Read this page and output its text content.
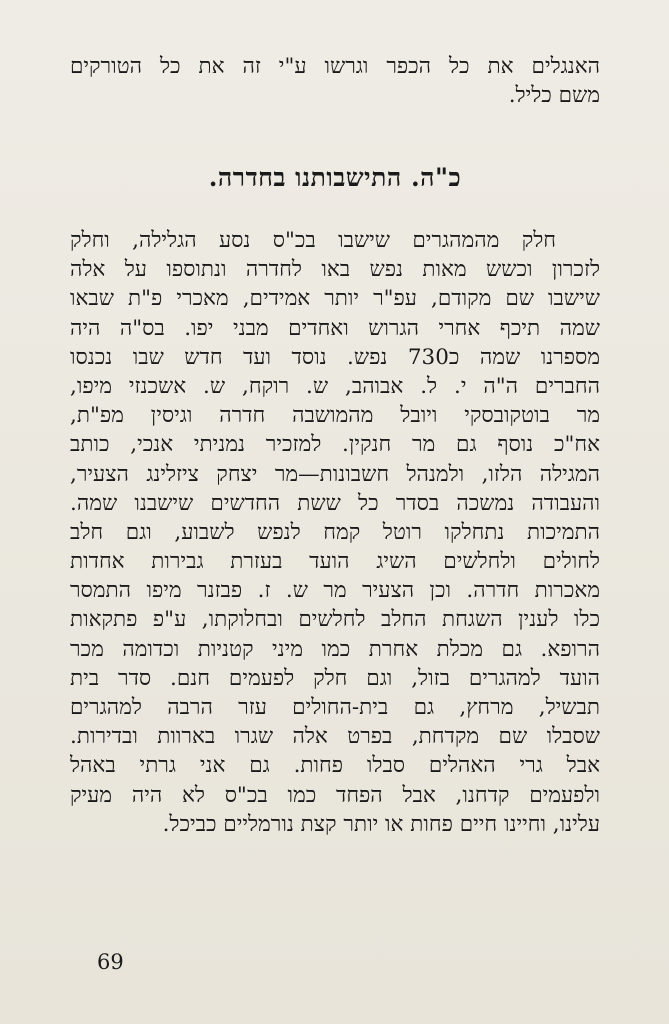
האנגלים את כל הכפר וגרשו ע"י זה את כל הטורקים
משם כליל.
כ"ה. התישבותנו בחדרה.
חלק מהמהגרים שישבו בכ"ס נסע הגלילה, וחלק
לזכרון וכשש מאות נפש באו לחדרה ונתוספו על אלה
שישבו שם מקודם, עפ"ר יותר אמידים, מאכרי פ"ת שבאו
שמה תיכף אחרי הגרוש ואחדים מבני יפו. בס"ה היה
מספרנו שמה כ730 נפש. נוסד ועד חדש שבו נכנסו
החברים ה"ה י. ל. אבוהב, ש. רוקח, ש. אשכנזי מיפו,
מר בוטקובסקי ויובל מהמושבה חדרה וגיסין מפ"ת,
אח"כ נוסף גם מר חנקין. למזכיר נמניתי אנכי, כותב
המגילה הלזו, ולמנהל חשבונות—מר יצחק ציזלינג הצעיר,
והעבודה נמשכה בסדר כל ששת החדשים שישבנו שמה.
התמיכות נתחלקו רוטל קמח לנפש לשבוע, וגם חלב
לחולים ולחלשים השיג הועד בעזרת גבירות אחדות
מאכרות חדרה. וכן הצעיר מר ש. ז. פבזנר מיפו התמסר
כלו לענין השגחת החלב לחלשים ובחלוקתו, ע"פ פתקאות
הרופא. גם מכלת אחרת כמו מיני קטניות וכדומה מכר
הועד למהגרים בזול, וגם חלק לפעמים חנם. סדר בית
תבשיל, מרחץ, גם בית-החולים עזר הרבה למהגרים
שסבלו שם מקדחת, בפרט אלה שגרו בארוות ובדירות.
אבל גרי האהלים סבלו פחות. גם אני גרתי באהל
ולפעמים קדחנו, אבל הפחד כמו בכ"ס לא היה מעיק
עלינו, וחיינו חיים פחות או יותר קצת נורמליים כביכל.
69
